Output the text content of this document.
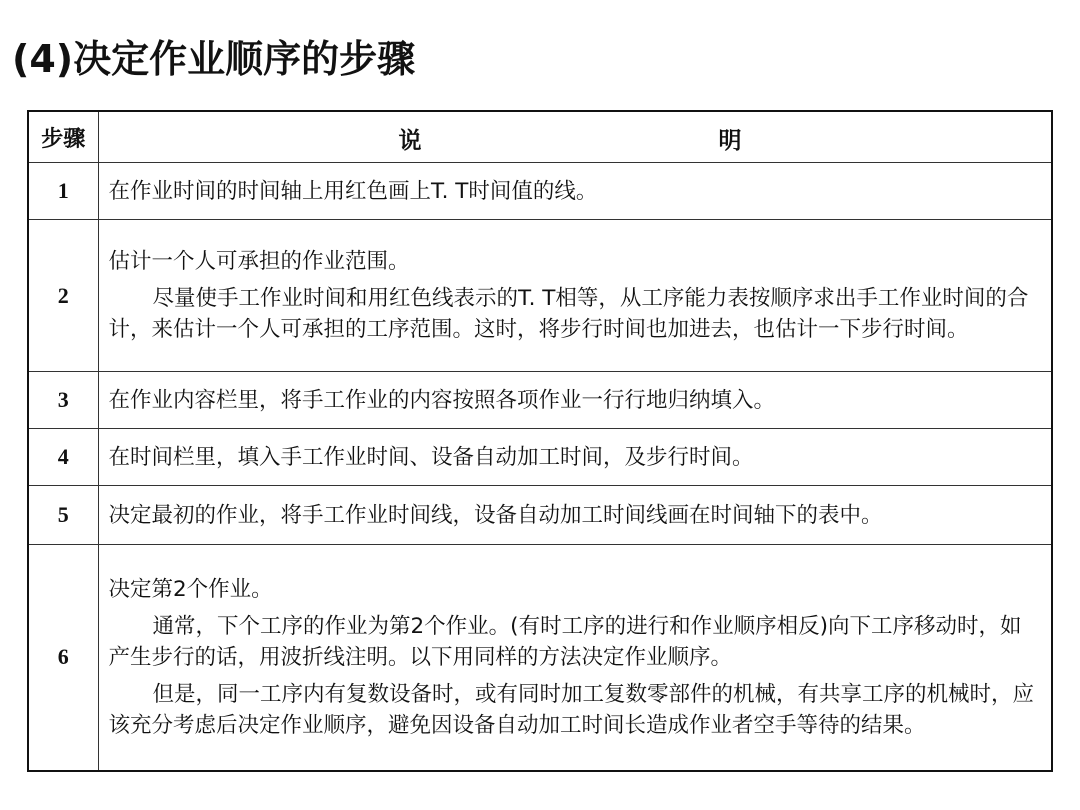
(4)决定作业顺序的步骤
步骤	说 明

1	在作业时间的时间轴上用红色画上T. T时间值的线。

2	估计一个人可承担的作业范围。

尽量使手工作业时间和用红色线表示的T. T相等，从工序能力表按顺序求出手工作业时间的合计，来估计一个人可承担的工序范围。这时，将步行时间也加进去，也估计一下步行时间。

3	在作业内容栏里，将手工作业的内容按照各项作业一行行地归纳填入。

4	在时间栏里，填入手工作业时间、设备自动加工时间，及步行时间。

5	决定最初的作业，将手工作业时间线，设备自动加工时间线画在时间轴下的表中。

6	决定第2个作业。

通常，下个工序的作业为第2个作业。(有时工序的进行和作业顺序相反)向下工序移动时，如产生步行的话，用波折线注明。以下用同样的方法决定作业顺序。

但是，同一工序内有复数设备时，或有同时加工复数零部件的机械，有共享工序的机械时，应该充分考虑后决定作业顺序，避免因设备自动加工时间长造成作业者空手等待的结果。
